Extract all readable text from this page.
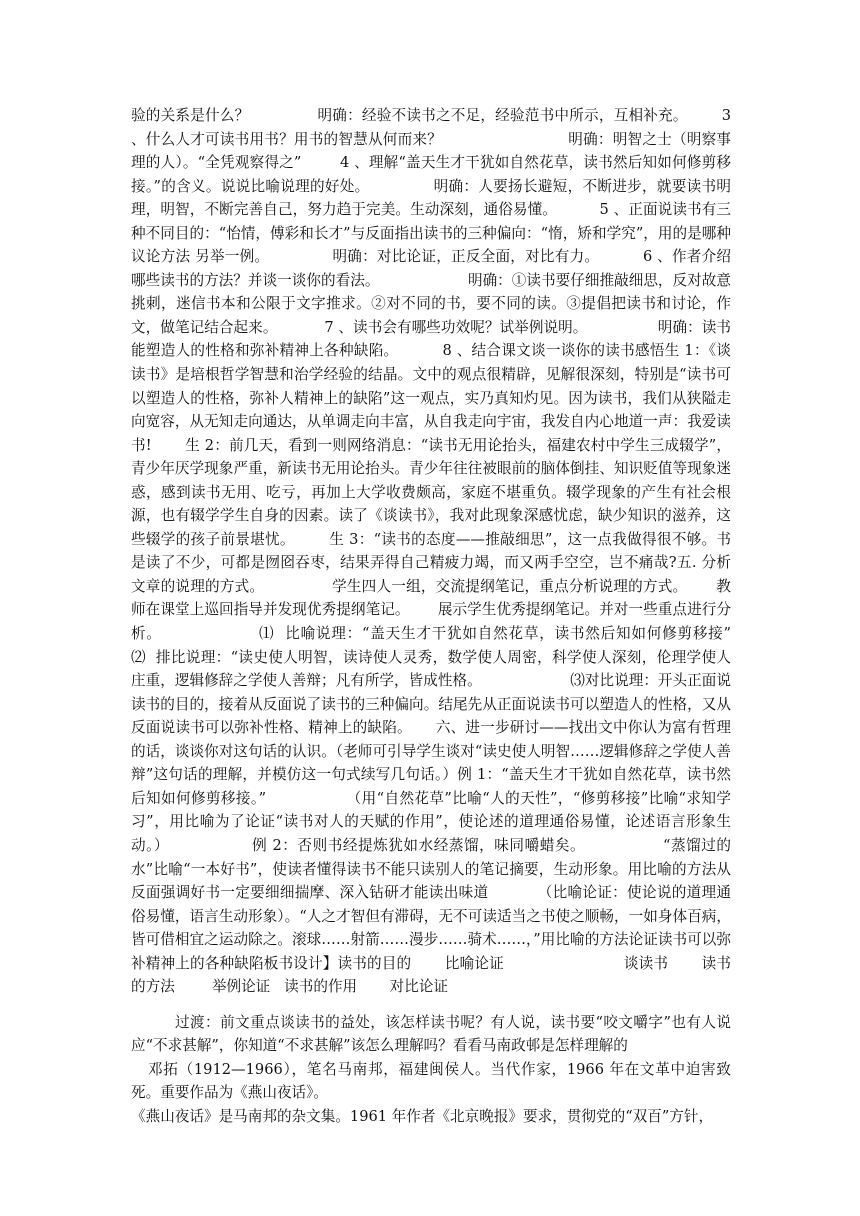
验的关系是什么？              明确：经验不读书之不足，经验范书中所示，互相补充。       3 、什么人才可读书用书？用书的智慧从何而来？                          明确：明智之士（明察事理的人）。“全凭观察得之”        4 、理解“盖天生才干犹如自然花草，读书然后知如何修剪移接。”的含义。说说比喻说理的好处。             明确：人要扬长避短，不断进步，就要读书明理，明智，不断完善自己，努力趋于完美。生动深刻，通俗易懂。         5 、正面说读书有三种不同目的：“怡情，傅彩和长才”与反面指出读书的三种偏向：“惰，矫和学究”，用的是哪种议论方法 另举一例。             明确：对比论证，正反全面，对比有力。         6 、作者介绍哪些读书的方法？并谈一谈你的看法。                   明确：①读书要仔细推敲细思，反对故意挑刺，迷信书本和公限于文字推求。②对不同的书，要不同的读。③提倡把读书和讨论，作文，做笔记结合起来。          7 、读书会有哪些功效呢？试举例说明。               明确：读书能塑造人的性格和弥补精神上各种缺陷。         8 、结合课文谈一谈你的读书感悟生 1：《谈读书》是培根哲学智慧和治学经验的结晶。文中的观点很精辟，见解很深刻，特别是“读书可以塑造人的性格，弥补人精神上的缺陷”这一观点，实乃真知灼见。因为读书，我们从狭隘走向宽容，从无知走向通达，从单调走向丰富，从自我走向宇宙，我发自内心地道一声：我爱读书!       生 2：前几天，看到一则网络消息：“读书无用论抬头，福建农村中学生三成辍学”，青少年厌学现象严重，新读书无用论抬头。青少年往往被眼前的脑体倒挂、知识贬值等现象迷惑，感到读书无用、吃亏，再加上大学收费颇高，家庭不堪重负。辍学现象的产生有社会根源，也有辍学学生自身的因素。读了《谈读书》，我对此现象深感忧虑，缺少知识的滋养，这些辍学的孩子前景堪忧。       生 3：“读书的态度——推敲细思”，这一点我做得很不够。书是读了不少，可都是囫囵吞枣，结果弄得自己精疲力竭，而又两手空空，岂不痛哉?五. 分析文章的说理的方式。              学生四人一组，交流提纲笔记，重点分析说理的方式。      教师在课堂上巡回指导并发现优秀提纲笔记。      展示学生优秀提纲笔记。并对一些重点进行分析。                  ⑴  比喻说理：“盖天生才干犹如自然花草，读书然后知如何修剪移接”                ⑵  排比说理：“读史使人明智，读诗使人灵秀，数学使人周密，科学使人深刻，伦理学使人庄重，逻辑修辞之学使人善辩；凡有所学，皆成性格。                   ⑶对比说理：开头正面说读书的目的，接着从反面说了读书的三种偏向。结尾先从正面说读书可以塑造人的性格，又从反面说读书可以弥补性格、精神上的缺陷。     六、进一步研讨——找出文中你认为富有哲理的话，谈谈你对这句话的认识。（老师可引导学生谈对“读史使人明智……逻辑修辞之学使人善辩”这句话的理解，并模仿这一句式续写几句话。）例 1：“盖天生才干犹如自然花草，读书然后知如何修剪移接。”                （用“自然花草”比喻“人的天性”，“修剪移接”比喻“求知学习”，用比喻为了论证“读书对人的天赋的作用”，使论述的道理通俗易懂，论述语言形象生动。）                例 2：否则书经提炼犹如水经蒸馏，味同嚼蜡矣。               “蒸馏过的水”比喻“一本好书”，使读者懂得读书不能只读别人的笔记摘要，生动形象。用比喻的方法从反面强调好书一定要细细揣摩、深入钻研才能读出味道          （比喻论证：使论说的道理通俗易懂，语言生动形象）。“人之才智但有滞碍，无不可读适当之书使之顺畅，一如身体百病，皆可借相宜之运动除之。滚球……射箭……漫步……骑术……，”用比喻的方法论证读书可以弥补精神上的各种缺陷板书设计】读书的目的       比喻论证                         谈读书       读书的方法        举例论证   读书的作用       对比论证

过渡：前文重点谈读书的益处，该怎样读书呢？有人说，读书要“咬文嚼字”也有人说应“不求甚解”，你知道“不求甚解”该怎么理解吗？看看马南政邨是怎样理解的

邓拓（1912—1966），笔名马南邦，福建闽侯人。当代作家，1966 年在文革中迫害致死。重要作品为《燕山夜话》。

《燕山夜话》是马南邦的杂文集。1961 年作者《北京晚报》要求，贯彻党的“双百”方针，
